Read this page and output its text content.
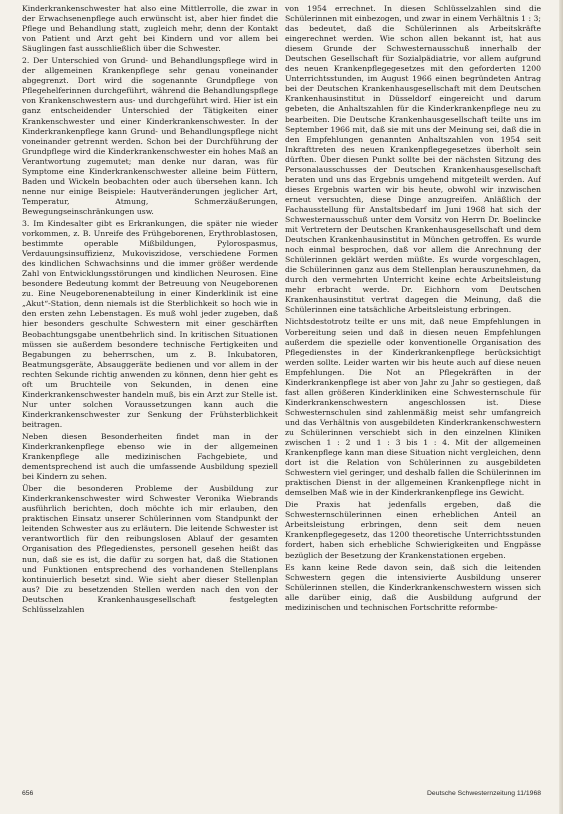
Kinderkrankenschwester hat also eine Mittlerrolle, die zwar in der Erwachsenenpflege auch erwünscht ist, aber hier findet die Pflege und Behandlung statt, zugleich mehr, denn der Kontakt von Patient und Arzt geht bei Kindern und vor allem bei Säuglingen fast ausschließlich über die Schwester.

2. Der Unterschied von Grund- und Behandlungspflege wird in der allgemeinen Krankenpflege sehr genau voneinander abgegrenzt. Dort wird die sogenannte Grundpflege von Pflegehelferinnen durchgeführt, während die Behandlungspflege von Krankenschwestern aus- und durchgeführt wird. Hier ist ein ganz entscheidender Unterschied der Tätigkeiten einer Krankenschwester und einer Kinderkrankenschwester. In der Kinderkrankenpflege kann Grund- und Behandlungspflege nicht voneinander getrennt werden. Schon bei der Durchführung der Grundpflege wird die Kinderkrankenschwester ein hohes Maß an Verantwortung zugemutet; man denke nur daran, was für Symptome eine Kinderkrankenschwester alleine beim Füttern, Baden und Wickeln beobachten oder auch übersehen kann. Ich nenne nur einige Beispiele: Hautveränderungen jeglicher Art, Temperatur, Atmung, Schmerzäußerungen, Bewegungseinschränkungen usw.

3. Im Kindesalter gibt es Erkrankungen, die später nie wieder vorkommen, z. B. Unreife des Frühgeborenen, Erythroblastosen, bestimmte operable Mißbildungen, Pylorospasmus, Verdauungsinsuffizienz, Mukoviszidose, verschiedene Formen des kindlichen Schwachsinns und die immer größer werdende Zahl von Entwicklungsstörungen und kindlichen Neurosen. Eine besondere Bedeutung kommt der Betreuung von Neugeborenen zu. Eine Neugeborenenabteilung in einer Kinderklinik ist eine „Akut“-Station, denn niemals ist die Sterblichkeit so hoch wie in den ersten zehn Lebenstagen. Es muß wohl jeder zugeben, daß hier besonders geschulte Schwestern mit einer geschärften Beobachtungsgabe unentbehrlich sind. In kritischen Situationen müssen sie außerdem besondere technische Fertigkeiten und Begabungen zu beherrschen, um z. B. Inkubatoren, Beatmungsgeräte, Absauggeräte bedienen und vor allem in der rechten Sekunde richtig anwenden zu können, denn hier geht es oft um Bruchteile von Sekunden, in denen eine Kinderkrankenschwester handeln muß, bis ein Arzt zur Stelle ist. Nur unter solchen Voraussetzungen kann auch die Kinderkrankenschwester zur Senkung der Frühsterblichkeit beitragen.

Neben diesen Besonderheiten findet man in der Kinderkrankenpflege ebenso wie in der allgemeinen Krankenpflege alle medizinischen Fachgebiete, und dementsprechend ist auch die umfassende Ausbildung speziell bei Kindern zu sehen.

Über die besonderen Probleme der Ausbildung zur Kinderkrankenschwester wird Schwester Veronika Wiebrands ausführlich berichten, doch möchte ich mir erlauben, den praktischen Einsatz unserer Schülerinnen vom Standpunkt der leitenden Schwester aus zu erläutern. Die leitende Schwester ist verantwortlich für den reibungslosen Ablauf der gesamten Organisation des Pflegedienstes, personell gesehen heißt das nun, daß sie es ist, die dafür zu sorgen hat, daß die Stationen und Funktionen entsprechend des vorhandenen Stellenplans kontinuierlich besetzt sind. Wie sieht aber dieser Stellenplan aus? Die zu besetzenden Stellen werden nach den von der Deutschen Krankenhausgesellschaft festgelegten Schlüsselzahlen

von 1954 errechnet. In diesen Schlüsselzahlen sind die Schülerinnen mit einbezogen, und zwar in einem Verhältnis 1 : 3; das bedeutet, daß die Schülerinnen als Arbeitskräfte eingerechnet werden. Wie schon allen bekannt ist, hat aus diesem Grunde der Schwesternausschuß innerhalb der Deutschen Gesellschaft für Sozialpädiatrie, vor allem aufgrund des neuen Krankenpflegegesetzes mit den geforderten 1200 Unterrichtsstunden, im August 1966 einen begründeten Antrag bei der Deutschen Krankenhausgesellschaft mit dem Deutschen Krankenhausinstitut in Düsseldorf eingereicht und darum gebeten, die Anhaltszahlen für die Kinderkrankenpflege neu zu bearbeiten. Die Deutsche Krankenhausgesellschaft teilte uns im September 1966 mit, daß sie mit uns der Meinung sei, daß die in den Empfehlungen genannten Anhaltszahlen von 1954 seit Inkrafttreten des neuen Krankenpflegegesetzes überholt sein dürften. Über diesen Punkt sollte bei der nächsten Sitzung des Personalausschusses der Deutschen Krankenhausgesellschaft beraten und uns das Ergebnis umgehend mitgeteilt werden. Auf dieses Ergebnis warten wir bis heute, obwohl wir inzwischen erneut versuchten, diese Dinge anzugreifen. Anläßlich der Fachausstellung für Anstaltsbedarf im Juni 1968 hat sich der Schwesternausschuß unter dem Vorsitz von Herrn Dr. Boelincke mit Vertretern der Deutschen Krankenhausgesellschaft und dem Deutschen Krankenhausinstitut in München getroffen. Es wurde noch einmal besprochen, daß vor allem die Anrechnung der Schülerinnen geklärt werden müßte. Es wurde vorgeschlagen, die Schülerinnen ganz aus dem Stellenplan herauszunehmen, da durch den vermehrten Unterricht keine echte Arbeitsleistung mehr erbracht werde. Dr. Eichhorn vom Deutschen Krankenhausinstitut vertrat dagegen die Meinung, daß die Schülerinnen eine tatsächliche Arbeitsleistung erbringen.

Nichtsdestotrotz teilte er uns mit, daß neue Empfehlungen in Vorbereitung seien und daß in diesen neuen Empfehlungen außerdem die spezielle oder konventionelle Organisation des Pflegedienstes in der Kinderkrankenpflege berücksichtigt werden sollte. Leider warten wir bis heute auch auf diese neuen Empfehlungen. Die Not an Pflegekräften in der Kinderkrankenpflege ist aber von Jahr zu Jahr so gestiegen, daß fast allen größeren Kinderkliniken eine Schwesternschule für Kinderkrankenschwestern angeschlossen ist. Diese Schwesternschulen sind zahlenmäßig meist sehr umfangreich und das Verhältnis von ausgebildeten Kinderkrankenschwestern zu Schülerinnen verschiebt sich in den einzelnen Kliniken zwischen 1 : 2 und 1 : 3 bis 1 : 4. Mit der allgemeinen Krankenpflege kann man diese Situation nicht vergleichen, denn dort ist die Relation von Schülerinnen zu ausgebildeten Schwestern viel geringer, und deshalb fallen die Schülerinnen im praktischen Dienst in der allgemeinen Krankenpflege nicht in demselben Maß wie in der Kinderkrankenpflege ins Gewicht.

Die Praxis hat jedenfalls ergeben, daß die Schwesternschülerinnen einen erheblichen Anteil an Arbeitsleistung erbringen, denn seit dem neuen Krankenpflegegesetz, das 1200 theoretische Unterrichtsstunden fordert, haben sich erhebliche Schwierigkeiten und Engpässe bezüglich der Besetzung der Krankenstationen ergeben.

Es kann keine Rede davon sein, daß sich die leitenden Schwestern gegen die intensivierte Ausbildung unserer Schülerinnen stellen, die Kinderkrankenschwestern wissen sich alle darüber einig, daß die Ausbildung aufgrund der medizinischen und technischen Fortschritte reformbe-

656	Deutsche Schwesternzeitung 11/1968
